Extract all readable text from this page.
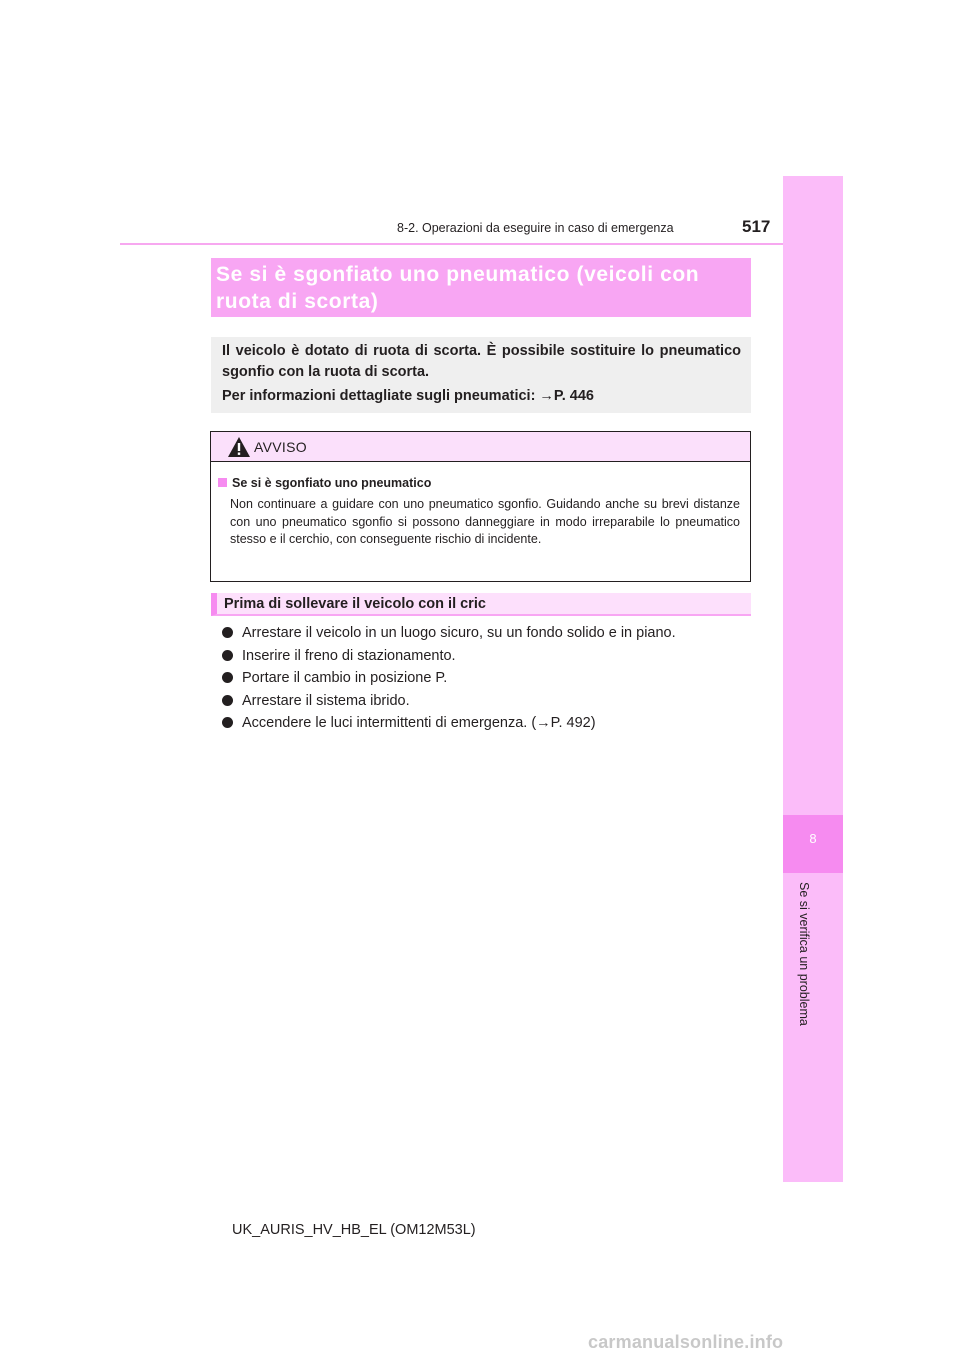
8-2. Operazioni da eseguire in caso di emergenza	517
8
Se si verifica un problema
Se si è sgonfiato uno pneumatico (veicoli con ruota di scorta)
Il veicolo è dotato di ruota di scorta. È possibile sostituire lo pneumatico sgonfio con la ruota di scorta.
Per informazioni dettagliate sugli pneumatici: →P. 446
AVVISO
Se si è sgonfiato uno pneumatico
Non continuare a guidare con uno pneumatico sgonfio. Guidando anche su brevi distanze con uno pneumatico sgonfio si possono danneggiare in modo irreparabile lo pneumatico stesso e il cerchio, con conseguente rischio di incidente.
Prima di sollevare il veicolo con il cric
Arrestare il veicolo in un luogo sicuro, su un fondo solido e in piano.
Inserire il freno di stazionamento.
Portare il cambio in posizione P.
Arrestare il sistema ibrido.
Accendere le luci intermittenti di emergenza. (→P. 492)
UK_AURIS_HV_HB_EL (OM12M53L)
carmanualsonline.info
